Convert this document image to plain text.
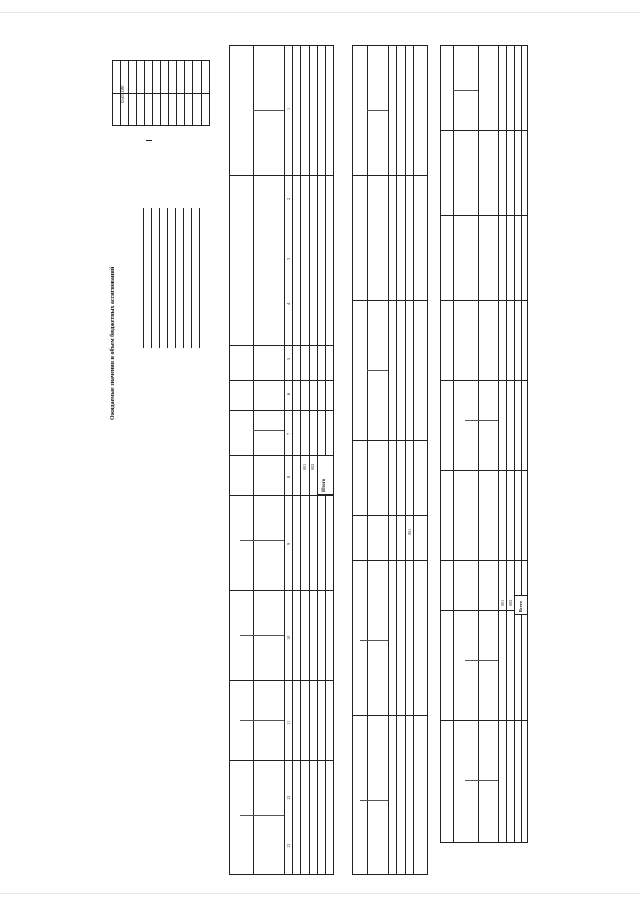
Ожидаемые значения и объем бюджетных ассигнований
0505180
Итого
001 002
1
2
3
4
5
6
7
8
9
10
11
12
13
001
Всего
001 002
